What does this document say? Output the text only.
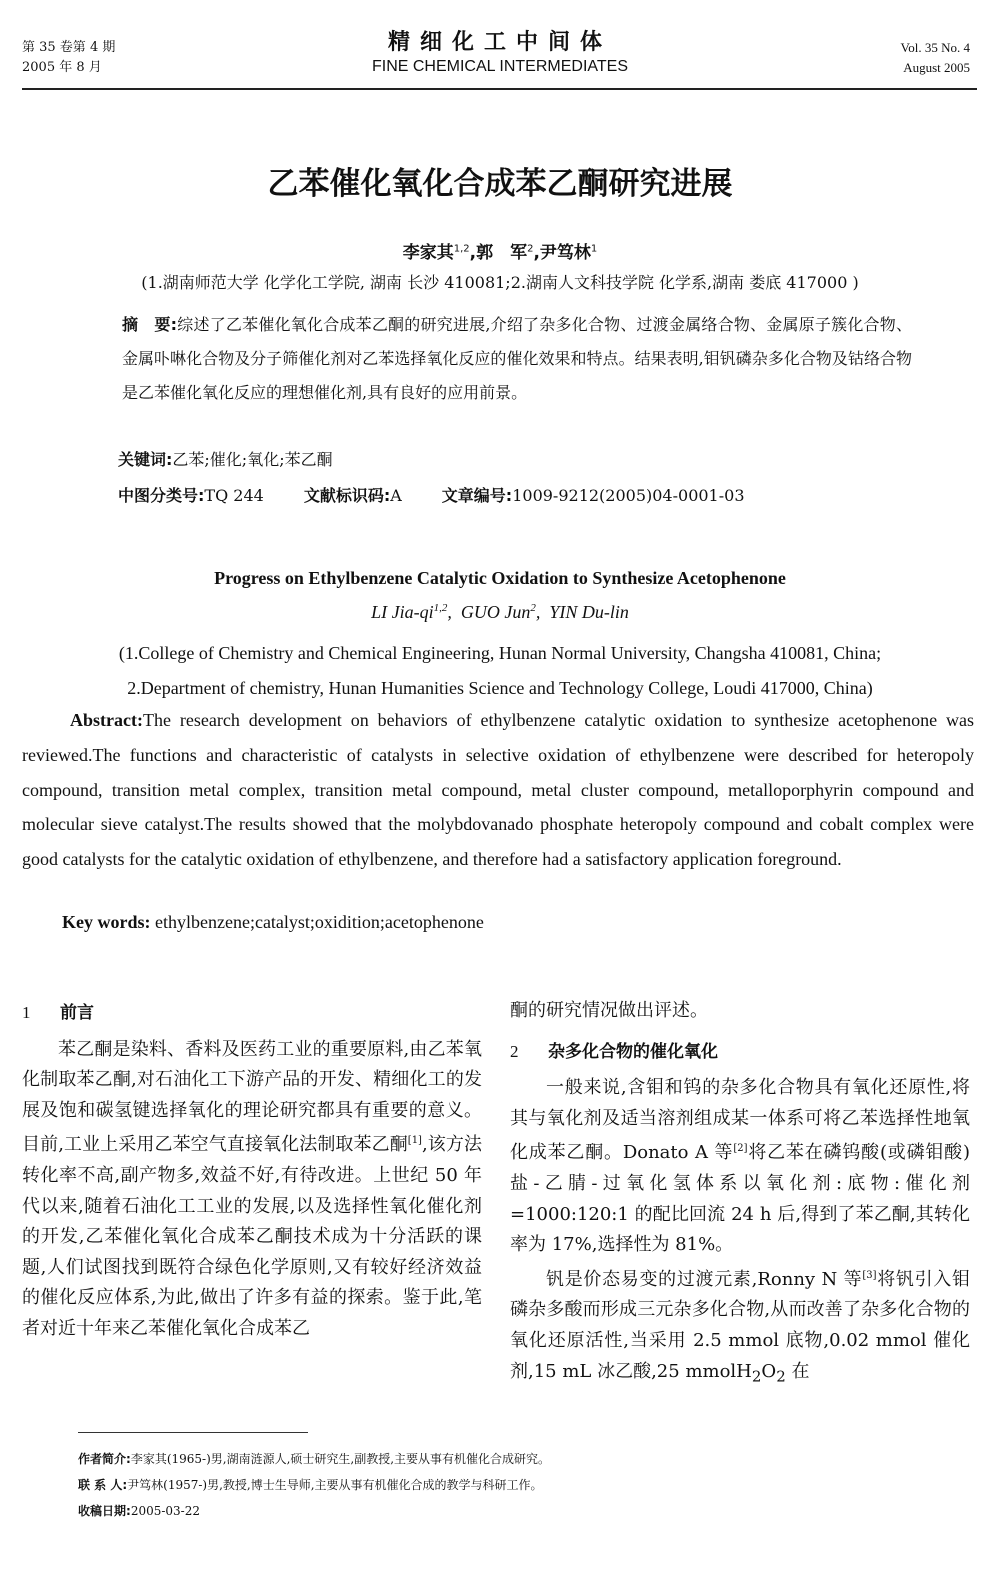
第 35 卷第 4 期
2005 年 8 月
精细化工中间体
FINE CHEMICAL INTERMEDIATES
Vol. 35 No. 4
August 2005
乙苯催化氧化合成苯乙酮研究进展
李家其$^{1,2}$,郭　军$^2$,尹笃林$^1$
(1.湖南师范大学 化学化工学院, 湖南 长沙 410081;2.湖南人文科技学院 化学系,湖南 娄底 417000 )
摘　要:综述了乙苯催化氧化合成苯乙酮的研究进展,介绍了杂多化合物、过渡金属络合物、金属原子簇化合物、金属卟啉化合物及分子筛催化剂对乙苯选择氧化反应的催化效果和特点。结果表明,钼钒磷杂多化合物及钴络合物是乙苯催化氧化反应的理想催化剂,具有良好的应用前景。
关键词:乙苯;催化;氧化;苯乙酮
中图分类号:TQ 244	文献标识码:A	文章编号:1009-9212(2005)04-0001-03
Progress on Ethylbenzene Catalytic Oxidation to Synthesize Acetophenone
LI Jia-qi$^{1,2}$,  GUO Jun$^2$,  YIN Du-lin
(1.College of Chemistry and Chemical Engineering, Hunan Normal University, Changsha 410081, China;
2.Department of chemistry, Hunan Humanities Science and Technology College, Loudi 417000, China)
Abstract:The research development on behaviors of ethylbenzene catalytic oxidation to synthesize acetophenone was reviewed.The functions and characteristic of catalysts in selective oxidation of ethylbenzene were described for heteropoly compound, transition metal complex, transition metal compound, metal cluster compound, metalloporphyrin compound and molecular sieve catalyst.The results showed that the molybdovanado phosphate heteropoly compound and cobalt complex were good catalysts for the catalytic oxidation of ethylbenzene, and therefore had a satisfactory application foreground.
Key words: ethylbenzene;catalyst;oxidition;acetophenone
1 前言

苯乙酮是染料、香料及医药工业的重要原料,由乙苯氧化制取苯乙酮,对石油化工下游产品的开发、精细化工的发展及饱和碳氢键选择氧化的理论研究都具有重要的意义。目前,工业上采用乙苯空气直接氧化法制取苯乙酮[1],该方法转化率不高,副产物多,效益不好,有待改进。上世纪 50 年代以来,随着石油化工工业的发展,以及选择性氧化催化剂的开发,乙苯催化氧化合成苯乙酮技术成为十分活跃的课题,人们试图找到既符合绿色化学原则,又有较好经济效益的催化反应体系,为此,做出了许多有益的探索。鉴于此,笔者对近十年来乙苯催化氧化合成苯乙

酮的研究情况做出评述。

2 杂多化合物的催化氧化

一般来说,含钼和钨的杂多化合物具有氧化还原性,将其与氧化剂及适当溶剂组成某一体系可将乙苯选择性地氧化成苯乙酮。Donato A 等[2]将乙苯在磷钨酸(或磷钼酸)盐-乙腈-过氧化氢体系以氧化剂:底物:催化剂=1000:120:1 的配比回流 24 h 后,得到了苯乙酮,其转化率为 17%,选择性为 81%。

钒是价态易变的过渡元素,Ronny N 等[3]将钒引入钼磷杂多酸而形成三元杂多化合物,从而改善了杂多化合物的氧化还原活性,当采用 2.5 mmol 底物,0.02 mmol 催化剂,15 mL 冰乙酸,25 $mmolH_2O_2$ 在

作者简介:李家其(1965-)男,湖南涟源人,硕士研究生,副教授,主要从事有机催化合成研究。
联 系 人:尹笃林(1957-)男,教授,博士生导师,主要从事有机催化合成的教学与科研工作。
收稿日期:2005-03-22
